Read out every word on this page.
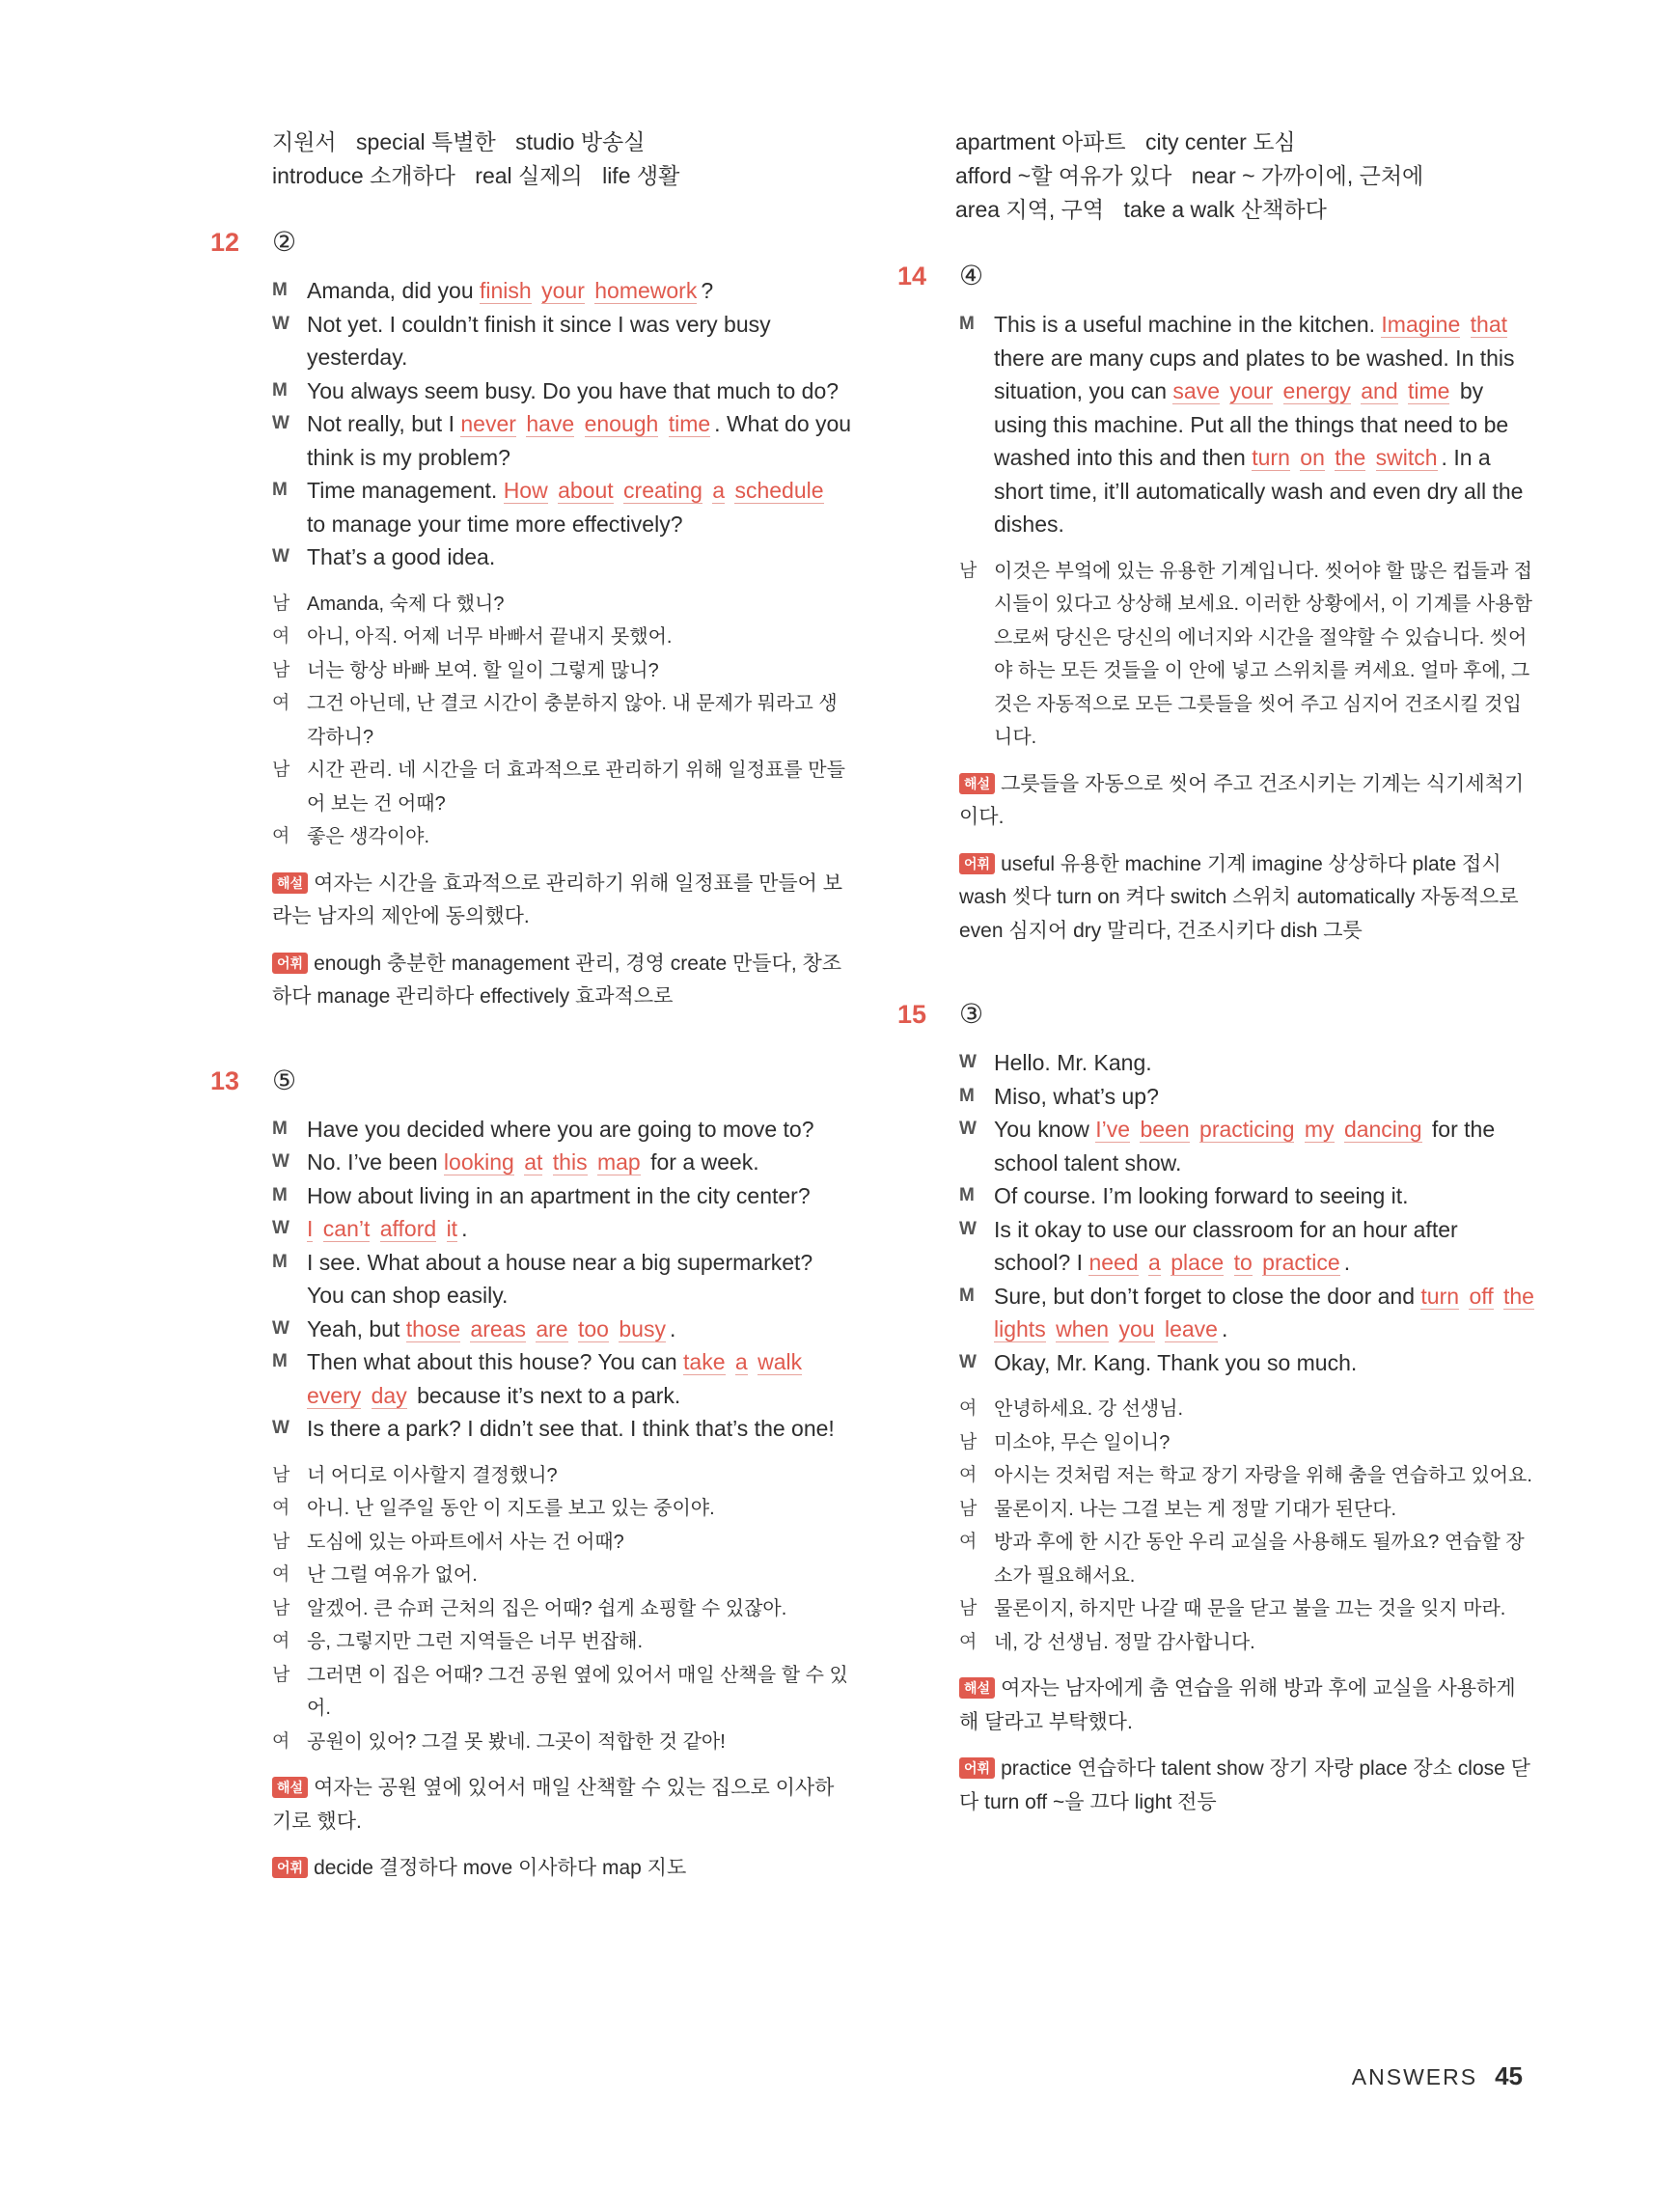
지원서 special 특별한 studio 방송실 introduce 소개하다 real 실제의 life 생활
12 ②
M Amanda, did you finish your homework ?
W Not yet. I couldn’t finish it since I was very busy yesterday.
M You always seem busy. Do you have that much to do?
W Not really, but I never have enough time . What do you think is my problem?
M Time management. How about creating a schedule to manage your time more effectively?
W That’s a good idea.
남 Amanda, 숙제 다 했니?
여 아니, 아직. 어제 너무 바빠서 끝내지 못했어.
남 너는 항상 바빠 보여. 할 일이 그렇게 많니?
여 그건 아닌데, 난 결코 시간이 충분하지 않아. 내 문제가 뭐라고 생각하니?
남 시간 관리. 네 시간을 더 효과적으로 관리하기 위해 일정표를 만들어 보는 건 어때?
여 좋은 생각이야.
해설 여자는 시간을 효과적으로 관리하기 위해 일정표를 만들어 보라는 남자의 제안에 동의했다.
어휘 enough 충분한 management 관리, 경영 create 만들다, 창조하다 manage 관리하다 effectively 효과적으로
13 ⑤
M Have you decided where you are going to move to?
W No. I’ve been looking at this map for a week.
M How about living in an apartment in the city center?
W I can’t afford it .
M I see. What about a house near a big supermarket? You can shop easily.
W Yeah, but those areas are too busy .
M Then what about this house? You can take a walk every day because it’s next to a park.
W Is there a park? I didn’t see that. I think that’s the one!
남 너 어디로 이사할지 결정했니?
여 아니. 난 일주일 동안 이 지도를 보고 있는 중이야.
남 도심에 있는 아파트에서 사는 건 어때?
여 난 그럴 여유가 없어.
남 알겠어. 큰 슈퍼 근처의 집은 어때? 쉽게 쇼핑할 수 있잖아.
여 응, 그렇지만 그런 지역들은 너무 번잡해.
남 그러면 이 집은 어때? 그건 공원 옆에 있어서 매일 산책을 할 수 있어.
여 공원이 있어? 그걸 못 봤네. 그곳이 적합한 것 같아!
해설 여자는 공원 옆에 있어서 매일 산책할 수 있는 집으로 이사하기로 했다.
어휘 decide 결정하다 move 이사하다 map 지도
apartment 아파트 city center 도심 afford ~할 여유가 있다 near ~ 가까이에, 근처에 area 지역, 구역 take a walk 산책하다
14 ④
M This is a useful machine in the kitchen. Imagine that there are many cups and plates to be washed. In this situation, you can save your energy and time by using this machine. Put all the things that need to be washed into this and then turn on the switch . In a short time, it’ll automatically wash and even dry all the dishes.
남 이것은 부엌에 있는 유용한 기계입니다. 씻어야 할 많은 컵들과 접시들이 있다고 상상해 보세요. 이러한 상황에서, 이 기계를 사용함으로써 당신은 당신의 에너지와 시간을 절약할 수 있습니다. 씻어야 하는 모든 것들을 이 안에 넣고 스위치를 켜세요. 얼마 후에, 그것은 자동적으로 모든 그릇들을 씻어 주고 심지어 건조시킬 것입니다.
해설 그릇들을 자동으로 씻어 주고 건조시키는 기계는 식기세척기이다.
어휘 useful 유용한 machine 기계 imagine 상상하다 plate 접시 wash 씻다 turn on 켜다 switch 스위치 automatically 자동적으로 even 심지어 dry 말리다, 건조시키다 dish 그릇
15 ③
W Hello. Mr. Kang.
M Miso, what’s up?
W You know I’ve been practicing my dancing for the school talent show.
M Of course. I’m looking forward to seeing it.
W Is it okay to use our classroom for an hour after school? I need a place to practice .
M Sure, but don’t forget to close the door and turn off the lights when you leave .
W Okay, Mr. Kang. Thank you so much.
여 안녕하세요. 강 선생님.
남 미소야, 무슨 일이니?
여 아시는 것처럼 저는 학교 장기 자랑을 위해 춤을 연습하고 있어요.
남 물론이지. 나는 그걸 보는 게 정말 기대가 된단다.
여 방과 후에 한 시간 동안 우리 교실을 사용해도 될까요? 연습할 장소가 필요해서요.
남 물론이지, 하지만 나갈 때 문을 닫고 불을 끄는 것을 잊지 마라.
여 네, 강 선생님. 정말 감사합니다.
해설 여자는 남자에게 춤 연습을 위해 방과 후에 교실을 사용하게 해 달라고 부탁했다.
어휘 practice 연습하다 talent show 장기 자랑 place 장소 close 닫다 turn off ~을 끄다 light 전등
ANSWERS 45
